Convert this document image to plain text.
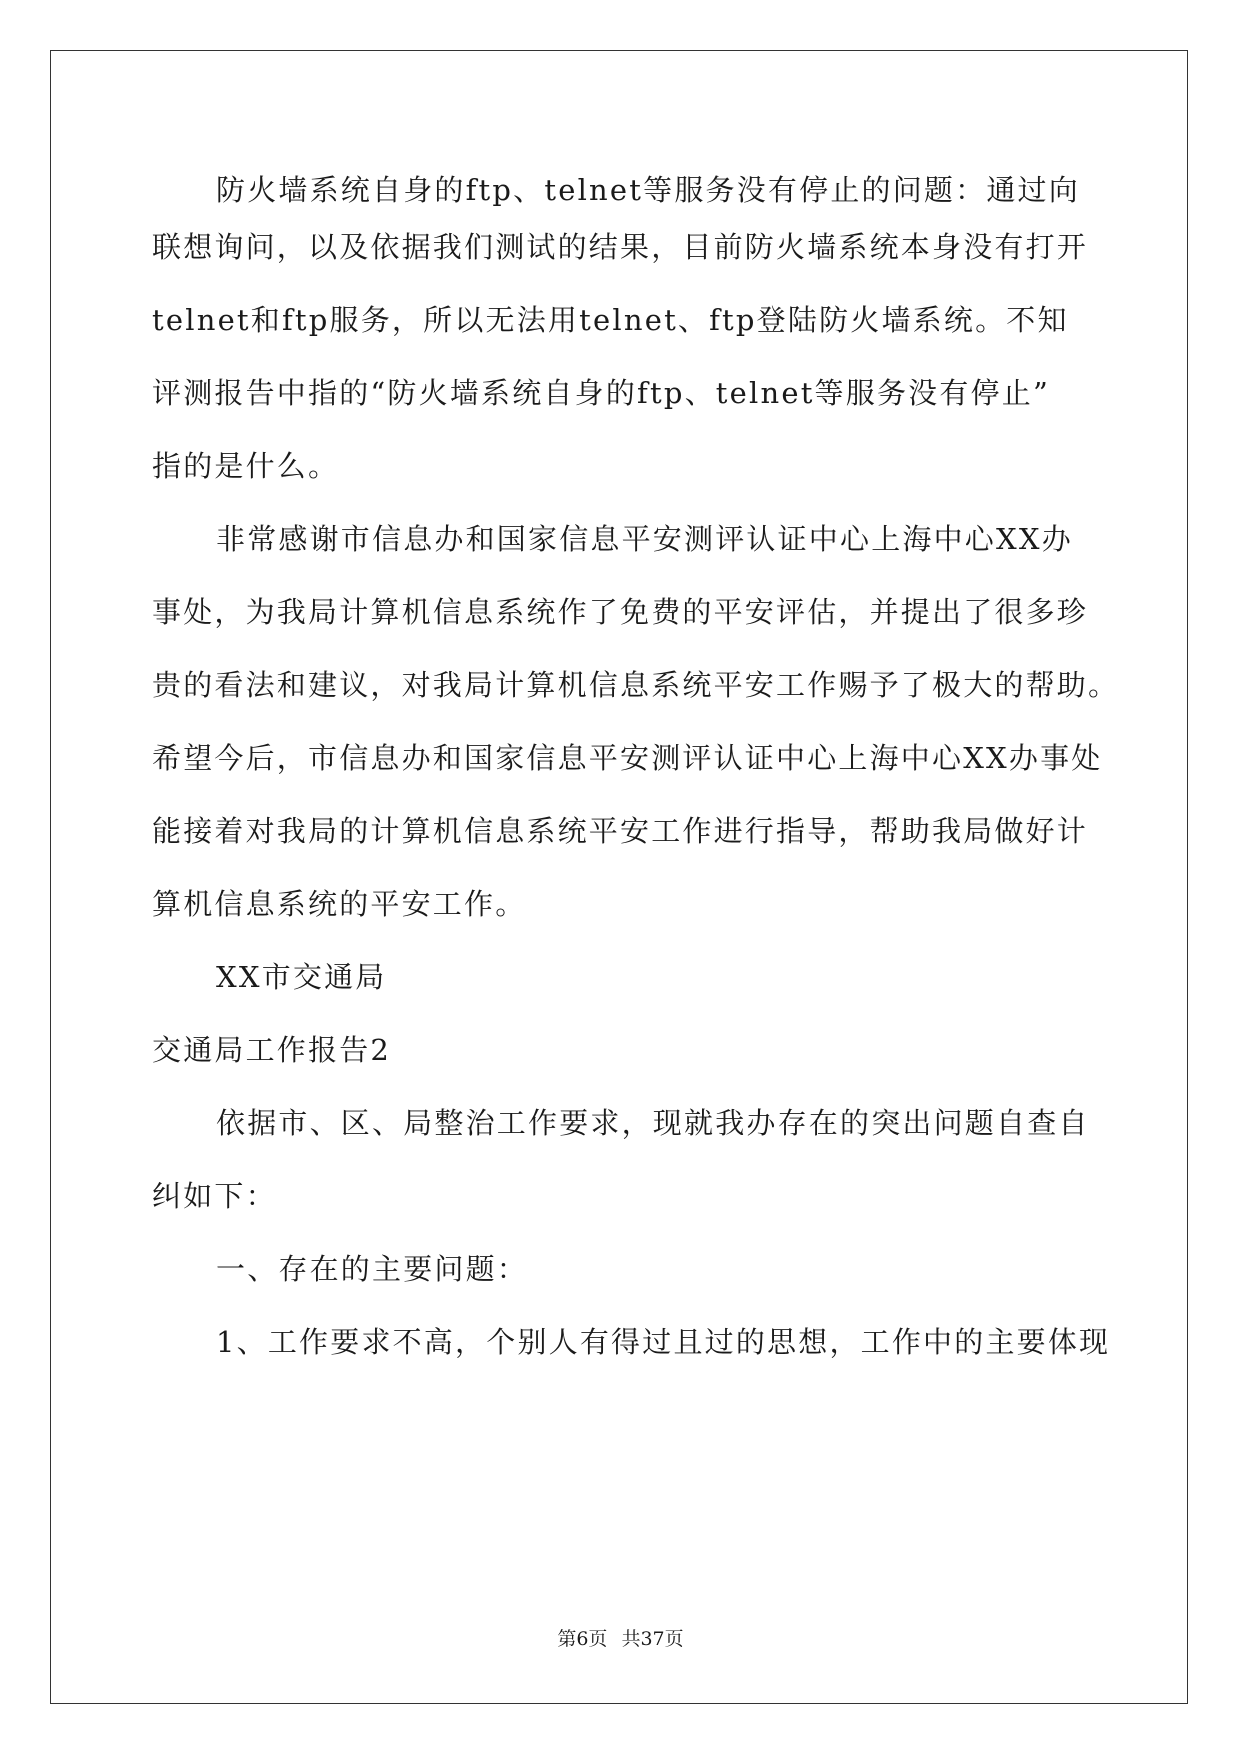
防火墙系统自身的ftp、telnet等服务没有停止的问题：通过向
联想询问，以及依据我们测试的结果，目前防火墙系统本身没有打开
telnet和ftp服务，所以无法用telnet、ftp登陆防火墙系统。不知
评测报告中指的“防火墙系统自身的ftp、telnet等服务没有停止”
指的是什么。
非常感谢市信息办和国家信息平安测评认证中心上海中心XX办
事处，为我局计算机信息系统作了免费的平安评估，并提出了很多珍
贵的看法和建议，对我局计算机信息系统平安工作赐予了极大的帮助。
希望今后，市信息办和国家信息平安测评认证中心上海中心XX办事处
能接着对我局的计算机信息系统平安工作进行指导，帮助我局做好计
算机信息系统的平安工作。
XX市交通局
交通局工作报告2
依据市、区、局整治工作要求，现就我办存在的突出问题自查自
纠如下：
一、存在的主要问题：
1、工作要求不高，个别人有得过且过的思想，工作中的主要体现
第6页 共37页
